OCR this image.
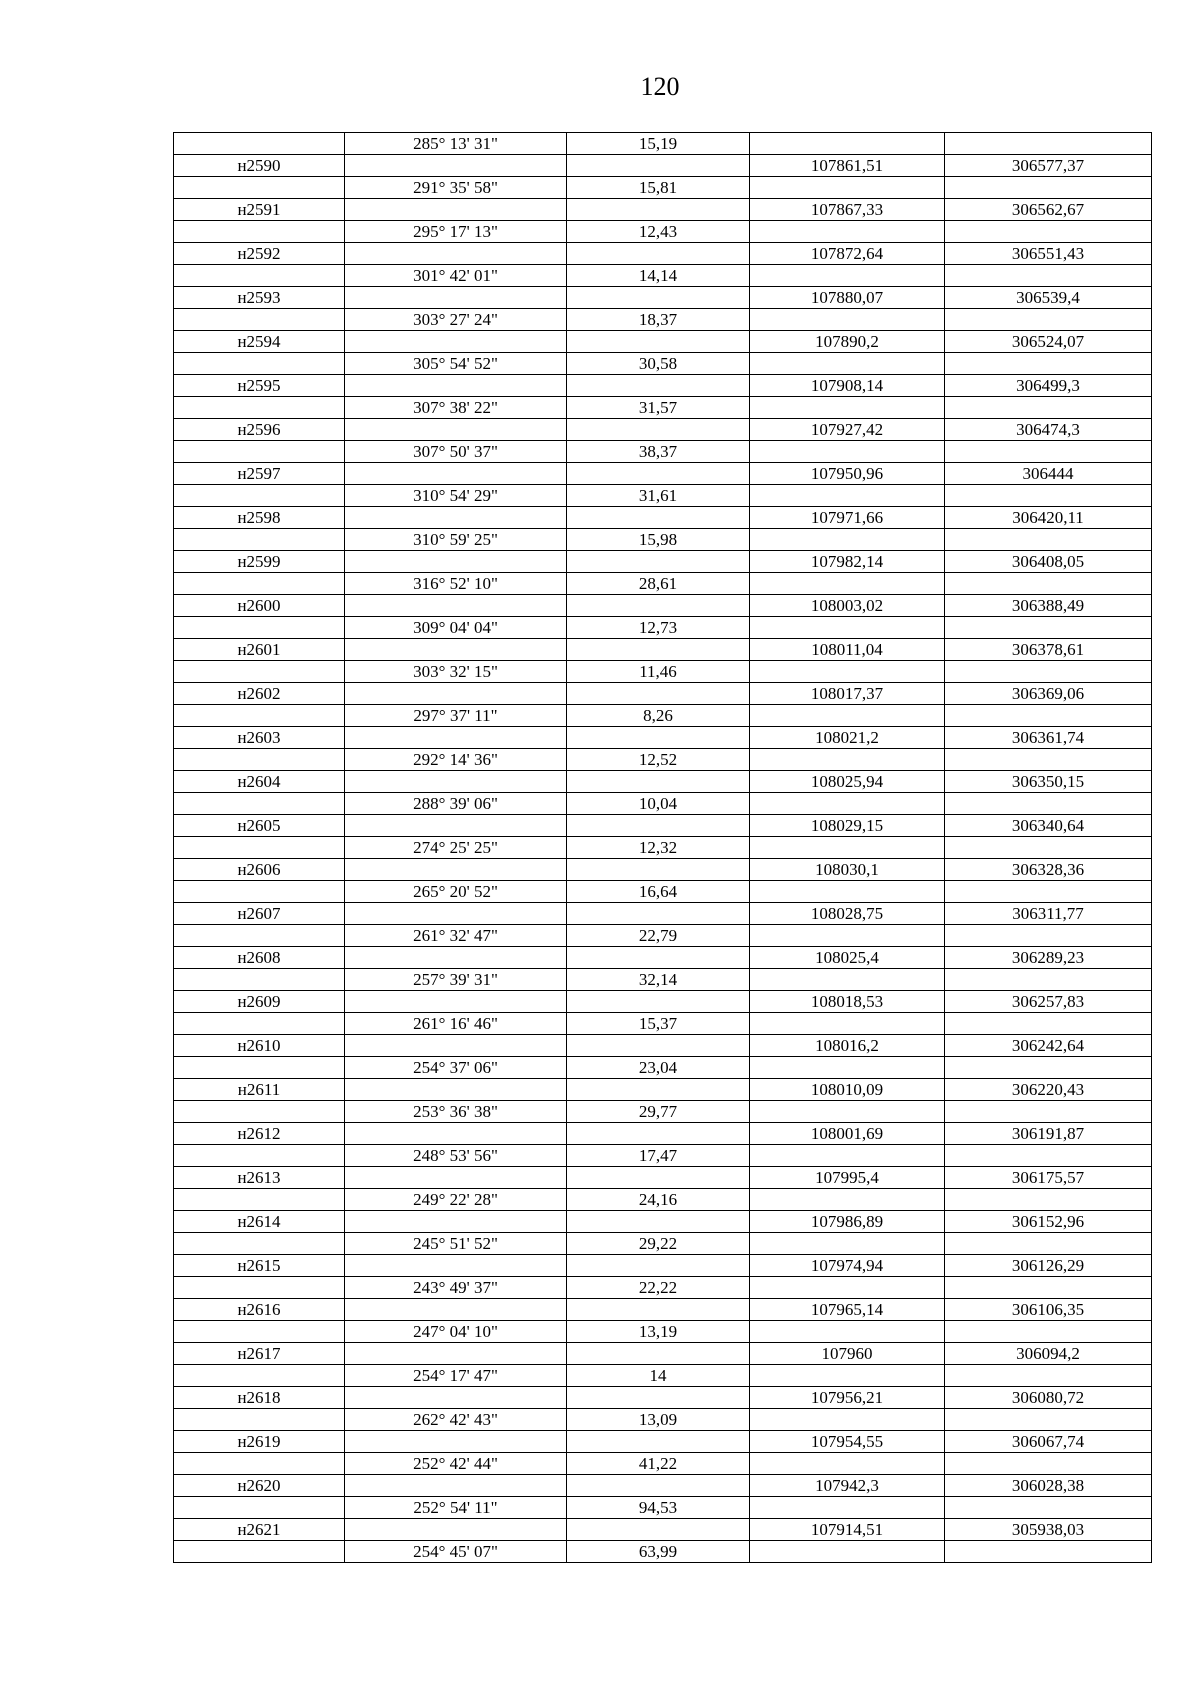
120
	285° 13' 31"	15,19		
н2590			107861,51	306577,37
	291° 35' 58"	15,81		
н2591			107867,33	306562,67
	295° 17' 13"	12,43		
н2592			107872,64	306551,43
	301° 42' 01"	14,14		
н2593			107880,07	306539,4
	303° 27' 24"	18,37		
н2594			107890,2	306524,07
	305° 54' 52"	30,58		
н2595			107908,14	306499,3
	307° 38' 22"	31,57		
н2596			107927,42	306474,3
	307° 50' 37"	38,37		
н2597			107950,96	306444
	310° 54' 29"	31,61		
н2598			107971,66	306420,11
	310° 59' 25"	15,98		
н2599			107982,14	306408,05
	316° 52' 10"	28,61		
н2600			108003,02	306388,49
	309° 04' 04"	12,73		
н2601			108011,04	306378,61
	303° 32' 15"	11,46		
н2602			108017,37	306369,06
	297° 37' 11"	8,26		
н2603			108021,2	306361,74
	292° 14' 36"	12,52		
н2604			108025,94	306350,15
	288° 39' 06"	10,04		
н2605			108029,15	306340,64
	274° 25' 25"	12,32		
н2606			108030,1	306328,36
	265° 20' 52"	16,64		
н2607			108028,75	306311,77
	261° 32' 47"	22,79		
н2608			108025,4	306289,23
	257° 39' 31"	32,14		
н2609			108018,53	306257,83
	261° 16' 46"	15,37		
н2610			108016,2	306242,64
	254° 37' 06"	23,04		
н2611			108010,09	306220,43
	253° 36' 38"	29,77		
н2612			108001,69	306191,87
	248° 53' 56"	17,47		
н2613			107995,4	306175,57
	249° 22' 28"	24,16		
н2614			107986,89	306152,96
	245° 51' 52"	29,22		
н2615			107974,94	306126,29
	243° 49' 37"	22,22		
н2616			107965,14	306106,35
	247° 04' 10"	13,19		
н2617			107960	306094,2
	254° 17' 47"	14		
н2618			107956,21	306080,72
	262° 42' 43"	13,09		
н2619			107954,55	306067,74
	252° 42' 44"	41,22		
н2620			107942,3	306028,38
	252° 54' 11"	94,53		
н2621			107914,51	305938,03
	254° 45' 07"	63,99		
